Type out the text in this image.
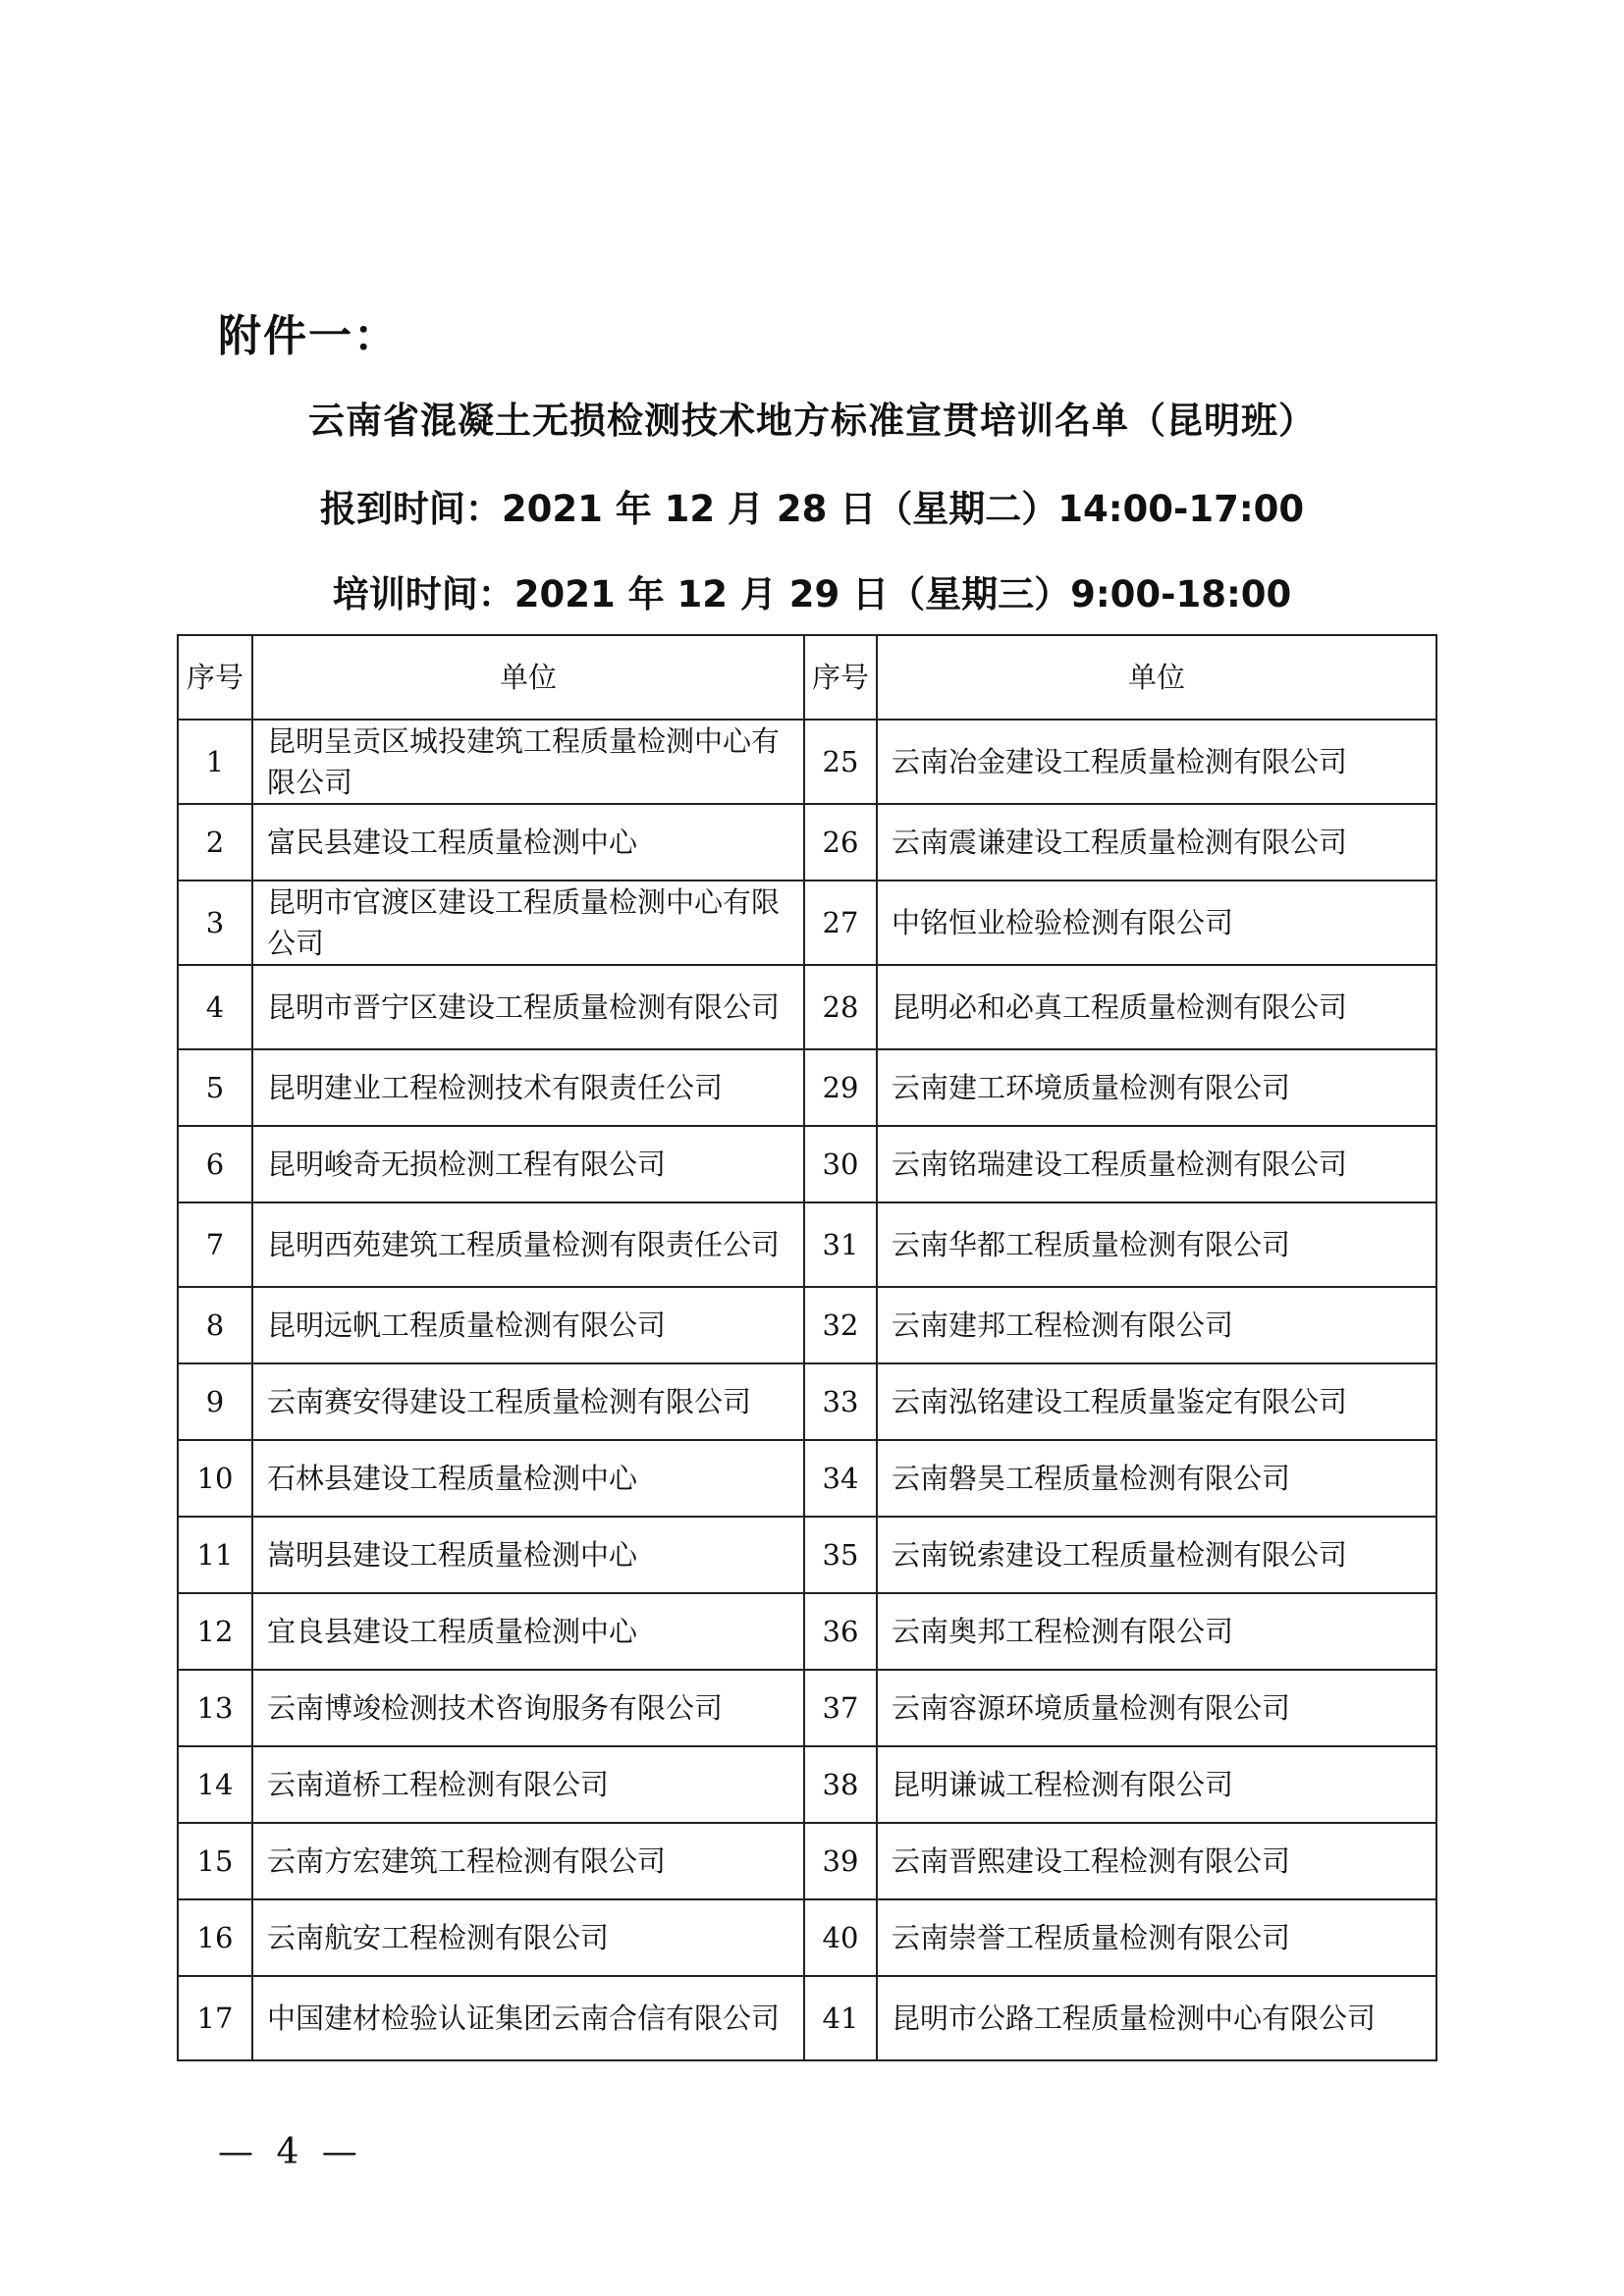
附件一：
云南省混凝土无损检测技术地方标准宣贯培训名单（昆明班）
报到时间：2021 年 12 月 28 日（星期二）14:00-17:00
培训时间：2021 年 12 月 29 日（星期三）9:00-18:00
序号	单位	序号	单位
1	昆明呈贡区城投建筑工程质量检测中心有限公司	25	云南冶金建设工程质量检测有限公司
2	富民县建设工程质量检测中心	26	云南震谦建设工程质量检测有限公司
3	昆明市官渡区建设工程质量检测中心有限公司	27	中铭恒业检验检测有限公司
4	昆明市晋宁区建设工程质量检测有限公司	28	昆明必和必真工程质量检测有限公司
5	昆明建业工程检测技术有限责任公司	29	云南建工环境质量检测有限公司
6	昆明峻奇无损检测工程有限公司	30	云南铭瑞建设工程质量检测有限公司
7	昆明西苑建筑工程质量检测有限责任公司	31	云南华都工程质量检测有限公司
8	昆明远帆工程质量检测有限公司	32	云南建邦工程检测有限公司
9	云南赛安得建设工程质量检测有限公司	33	云南泓铭建设工程质量鉴定有限公司
10	石林县建设工程质量检测中心	34	云南磐昊工程质量检测有限公司
11	嵩明县建设工程质量检测中心	35	云南锐索建设工程质量检测有限公司
12	宜良县建设工程质量检测中心	36	云南奥邦工程检测有限公司
13	云南博竣检测技术咨询服务有限公司	37	云南容源环境质量检测有限公司
14	云南道桥工程检测有限公司	38	昆明谦诚工程检测有限公司
15	云南方宏建筑工程检测有限公司	39	云南晋熙建设工程检测有限公司
16	云南航安工程检测有限公司	40	云南崇誉工程质量检测有限公司
17	中国建材检验认证集团云南合信有限公司	41	昆明市公路工程质量检测中心有限公司
— 4 —
